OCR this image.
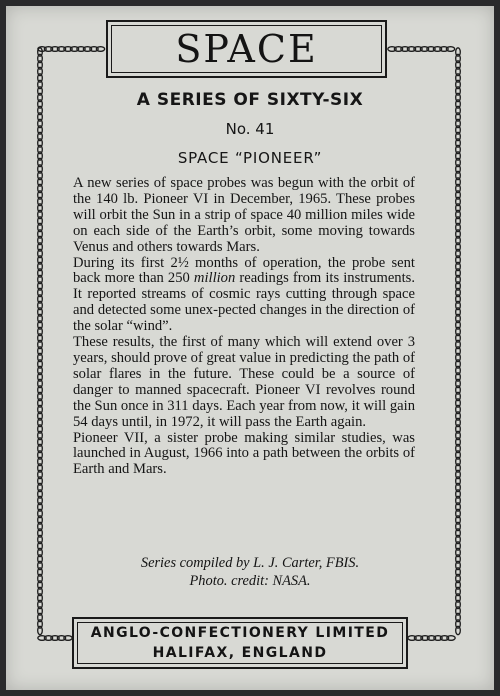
SPACE
A SERIES OF SIXTY-SIX
No. 41
SPACE “PIONEER”

A new series of space probes was begun with the orbit of the 140 lb. Pioneer VI in December, 1965. These probes will orbit the Sun in a strip of space 40 million miles wide on each side of the Earth’s orbit, some moving towards Venus and others towards Mars.

During its first 2½ months of operation, the probe sent back more than 250 million readings from its instruments. It reported streams of cosmic rays cutting through space and detected some unex-pected changes in the direction of the solar “wind”.

These results, the first of many which will extend over 3 years, should prove of great value in predicting the path of solar flares in the future. These could be a source of danger to manned spacecraft. Pioneer VI revolves round the Sun once in 311 days. Each year from now, it will gain 54 days until, in 1972, it will pass the Earth again.

Pioneer VII, a sister probe making similar studies, was launched in August, 1966 into a path between the orbits of Earth and Mars.

Series compiled by L. J. Carter, FBIS.
Photo. credit: NASA.
ANGLO-CONFECTIONERY LIMITED
HALIFAX, ENGLAND
